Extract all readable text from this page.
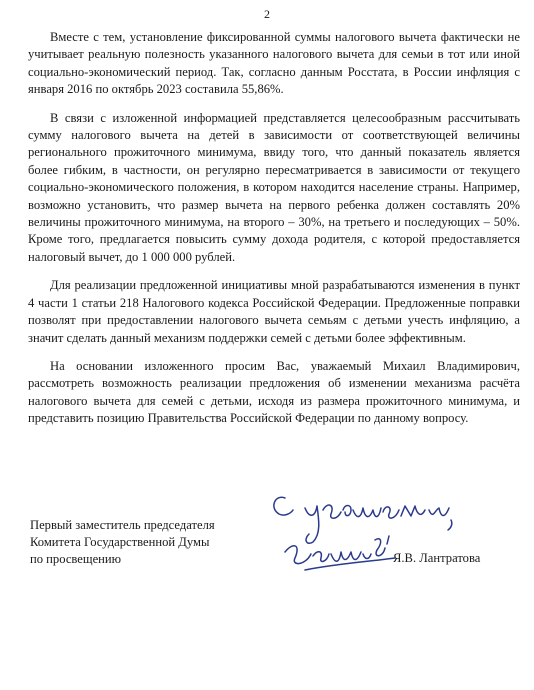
2

Вместе с тем, установление фиксированной суммы налогового вычета фактически не учитывает реальную полезность указанного налогового вычета для семьи в тот или иной социально-экономический период. Так, согласно данным Росстата, в России инфляция с января 2016 по октябрь 2023 составила 55,86%.

В связи с изложенной информацией представляется целесообразным рассчитывать сумму налогового вычета на детей в зависимости от соответствующей величины регионального прожиточного минимума, ввиду того, что данный показатель является более гибким, в частности, он регулярно пересматривается в зависимости от текущего социально-экономического положения, в котором находится население страны. Например, возможно установить, что размер вычета на первого ребенка должен составлять 20% величины прожиточного минимума, на второго – 30%, на третьего и последующих – 50%. Кроме того, предлагается повысить сумму дохода родителя, с которой предоставляется налоговый вычет, до 1 000 000 рублей.

Для реализации предложенной инициативы мной разрабатываются изменения в пункт 4 части 1 статьи 218 Налогового кодекса Российской Федерации. Предложенные поправки позволят при предоставлении налогового вычета семьям с детьми учесть инфляцию, а значит сделать данный механизм поддержки семей с детьми более эффективным.

На основании изложенного просим Вас, уважаемый Михаил Владимирович, рассмотреть возможность реализации предложения об изменении механизма расчёта налогового вычета для семей с детьми, исходя из размера прожиточного минимума, и представить позицию Правительства Российской Федерации по данному вопросу.

Первый заместитель председателя
Комитета Государственной Думы
по просвещению	Я.В. Лантратова
